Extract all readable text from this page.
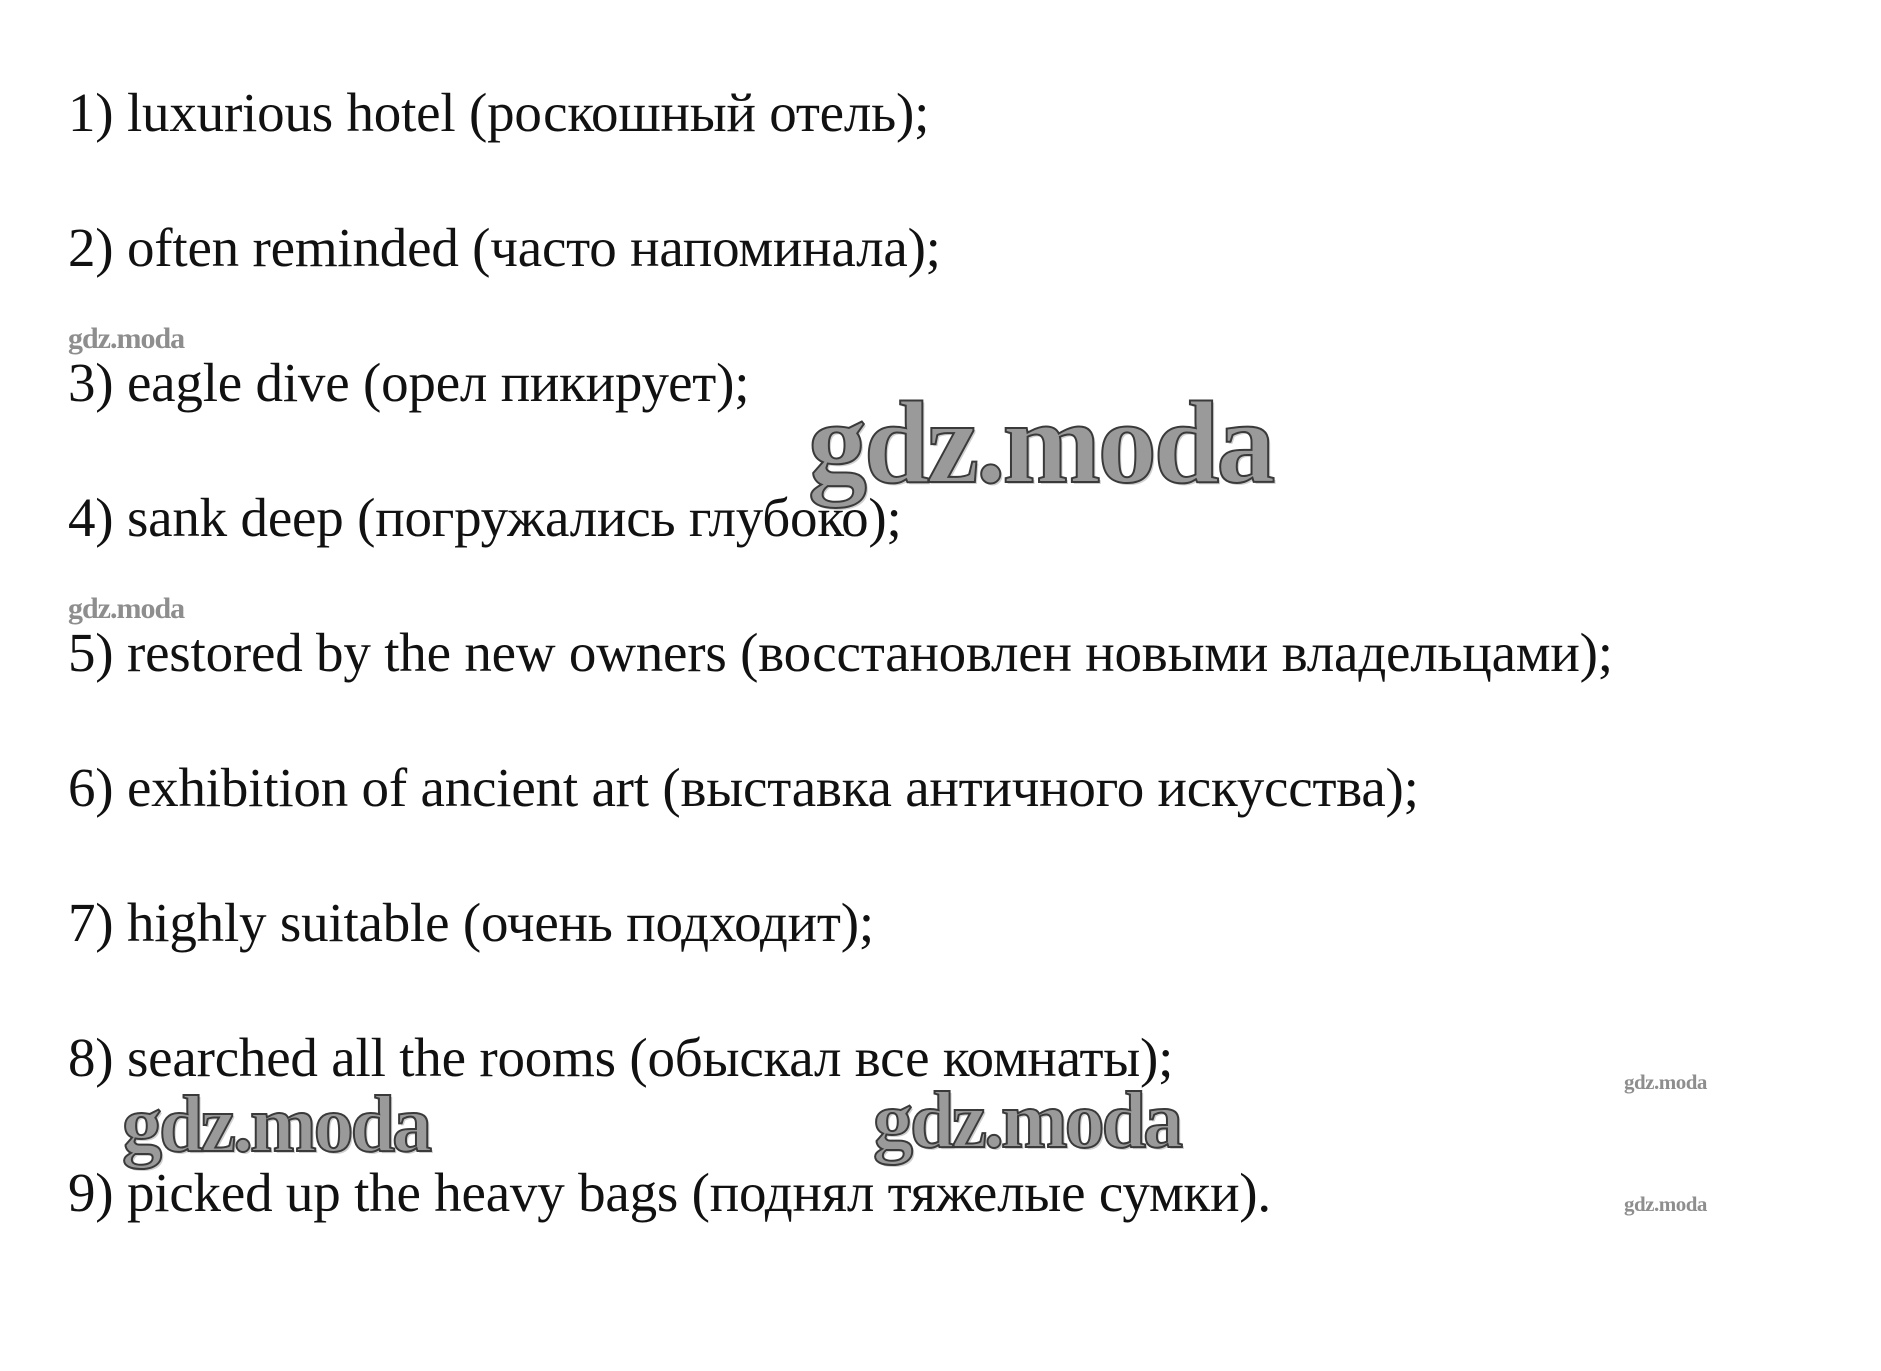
1) luxurious hotel (роскошный отель);
2) often reminded (часто напоминала);
3) eagle dive (орел пикирует);
4) sank deep (погружались глубоко);
5) restored by the new owners (восстановлен новыми владельцами);
6) exhibition of ancient art (выставка античного искусства);
7) highly suitable (очень подходит);
8) searched all the rooms (обыскал все комнаты);
9) picked up the heavy bags (поднял тяжелые сумки).
gdz.moda
gdz.moda
gdz.moda
gdz.moda	gdz.moda	gdz.moda
gdz.moda
